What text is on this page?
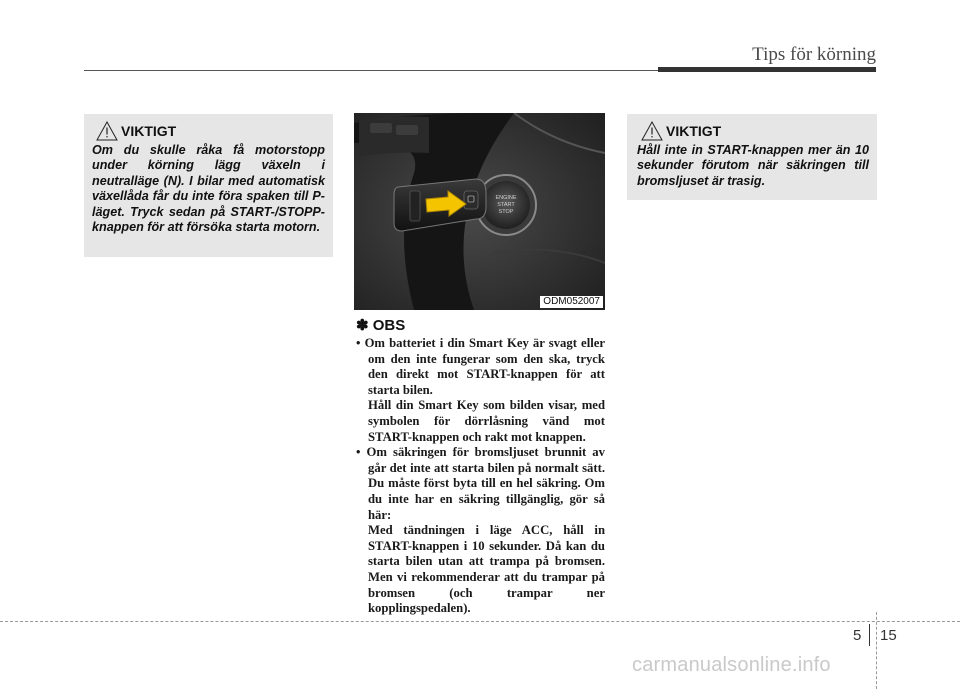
Tips för körning
VIKTIGT
Om du skulle råka få motorstopp under körning lägg växeln i neutralläge (N). I bilar med automatisk växellåda får du inte föra spaken till P-läget. Tryck sedan på START-/STOPP-knappen för att försöka starta motorn.
ENGINE
START
STOP
ODM052007
✽ OBS
• Om batteriet i din Smart Key är svagt eller om den inte fungerar som den ska, tryck den direkt mot START-knappen för att starta bilen.
Håll din Smart Key som bilden visar, med symbolen för dörrlåsning vänd mot START-knappen och rakt mot knappen.
• Om säkringen för bromsljuset brunnit av går det inte att starta bilen på normalt sätt. Du måste först byta till en hel säkring. Om du inte har en säkring tillgänglig, gör så här:
Med tändningen i läge ACC, håll in START-knappen i 10 sekunder. Då kan du starta bilen utan att trampa på bromsen. Men vi rekommenderar att du trampar på bromsen (och trampar ner kopplingspedalen).
VIKTIGT
Håll inte in START-knappen mer än 10 sekunder förutom när säkringen till bromsljuset är trasig.
5 15
carmanualsonline.info
